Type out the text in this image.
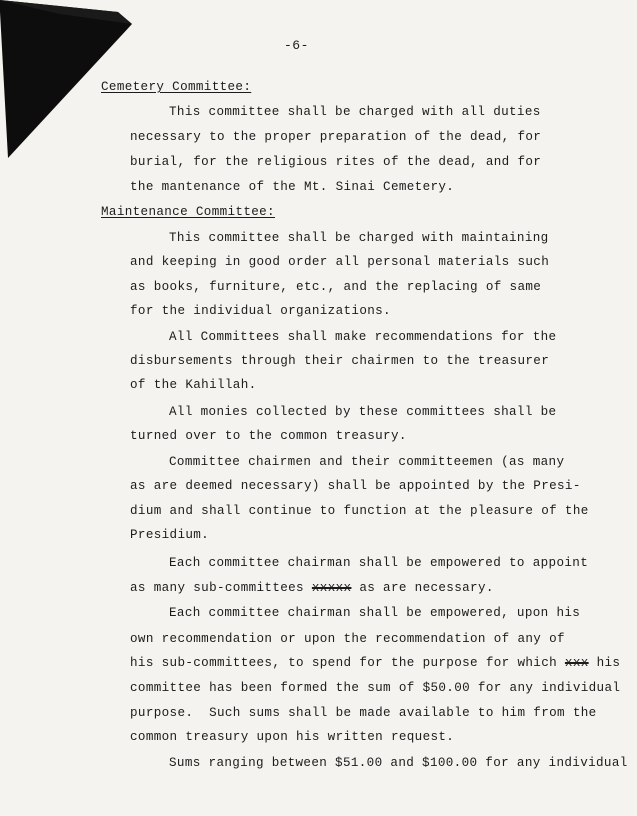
-6-
Cemetery Committee:
This committee shall be charged with all duties
necessary to the proper preparation of the dead, for
burial, for the religious rites of the dead, and for
the mantenance of the Mt. Sinai Cemetery.
Maintenance Committee:
This committee shall be charged with maintaining
and keeping in good order all personal materials such
as books, furniture, etc., and the replacing of same
for the individual organizations.
All Committees shall make recommendations for the
disbursements through their chairmen to the treasurer
of the Kahillah.
All monies collected by these committees shall be
turned over to the common treasury.
Committee chairmen and their committeemen (as many
as are deemed necessary) shall be appointed by the Presi-
dium and shall continue to function at the pleasure of the
Presidium.
Each committee chairman shall be empowered to appoint
as many sub-committees xxxxx as are necessary.
Each committee chairman shall be empowered, upon his
own recommendation or upon the recommendation of any of
his sub-committees, to spend for the purpose for which xxx his
committee has been formed the sum of $50.00 for any individual
purpose.  Such sums shall be made available to him from the
common treasury upon his written request.
Sums ranging between $51.00 and $100.00 for any individual
